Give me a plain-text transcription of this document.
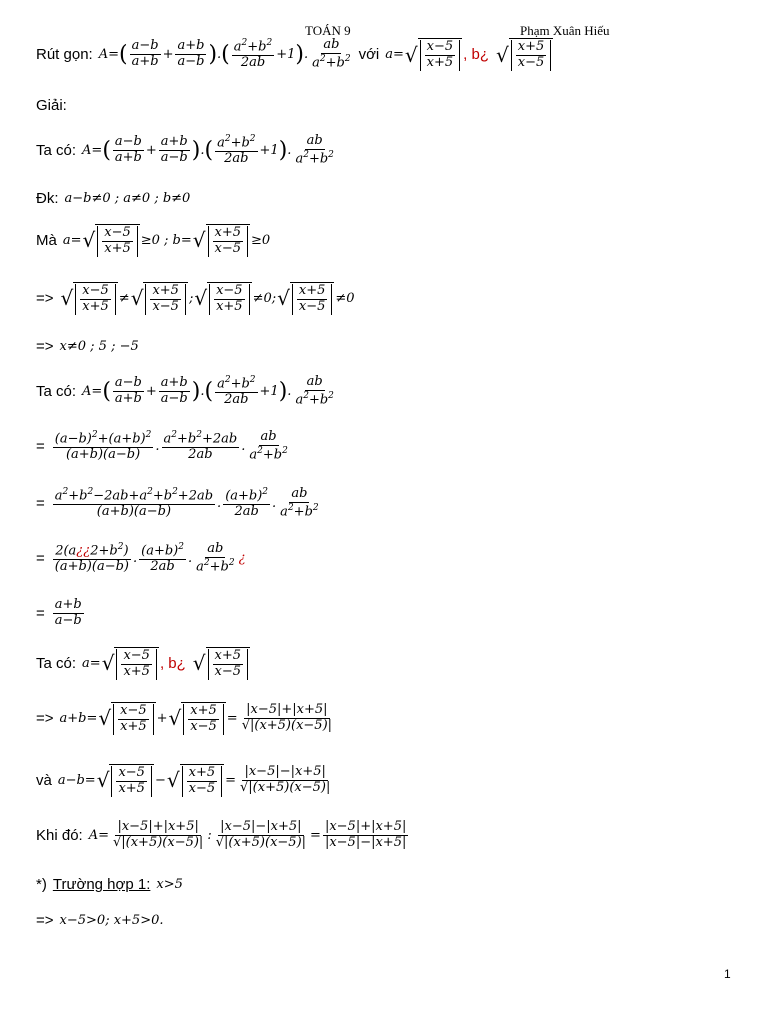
TOÁN 9	Phạm Xuân Hiếu
Rút gọn: A= ( $\frac{a-b}{a+b} + \frac{a+b}{a-b}$ ) . ( $\frac{a^2+b^2}{2ab} +1$ ) . $\frac{ab}{a^2+b^2}$ với a= √ $\frac{x-5}{x+5}$ , b¿ √ $\frac{x+5}{x-5}$
Giải:
Ta có: A= ( $\frac{a-b}{a+b} + \frac{a+b}{a-b}$ ) . ( $\frac{a^2+b^2}{2ab} +1$ ) . $\frac{ab}{a^2+b^2}$
Đk: a−b≠0 ; a≠0 ; b≠0
Mà a= √ $\frac{x-5}{x+5} \ge 0$ ; b= √ $\frac{x+5}{x-5} \ge 0$
=> √ $\frac{x-5}{x+5}$ ≠ √ $\frac{x+5}{x-5}$ ; √ $\frac{x-5}{x+5} \ne 0$; √ $\frac{x+5}{x-5} \ne 0$
=> x≠0 ; 5 ; −5
Ta có: A= ( $\frac{a-b}{a+b} + \frac{a+b}{a-b}$ ) . ( $\frac{a^2+b^2}{2ab} +1$ ) . $\frac{ab}{a^2+b^2}$
= $\frac{(a-b)^2+(a+b)^2}{(a+b)(a-b)}$ . $\frac{a^2+b^2+2ab}{2ab}$ . $\frac{ab}{a^2+b^2}$
= $\frac{a^2+b^2-2ab+a^2+b^2+2ab}{(a+b)(a-b)}$ . $\frac{(a+b)^2}{2ab}$ . $\frac{ab}{a^2+b^2}$
= $\frac{2(a¿¿2+b^2)}{(a+b)(a-b)}$ . $\frac{(a+b)^2}{2ab}$ . $\frac{ab}{a^2+b^2}$ ¿
= $\frac{a+b}{a-b}$
Ta có: a= √ $\frac{x-5}{x+5}$ , b¿ √ $\frac{x+5}{x-5}$
=> a+b= √ $\frac{x-5}{x+5}$ + √ $\frac{x+5}{x-5} = \frac{|x-5|+|x+5|}{√|(x+5)(x-5)|}$
và a−b= √ $\frac{x-5}{x+5}$ − √ $\frac{x+5}{x-5} = \frac{|x-5|-|x+5|}{√|(x+5)(x-5)|}$
Khi đó: $A= \frac{|x-5|+|x+5|}{√|(x+5)(x-5)|}$ : $\frac{|x-5|-|x+5|}{√|(x+5)(x-5)|} = \frac{|x-5|+|x+5|}{|x-5|-|x+5|}$
*) Trường hợp 1: x>5
=> x−5>0; x+5>0.
1
